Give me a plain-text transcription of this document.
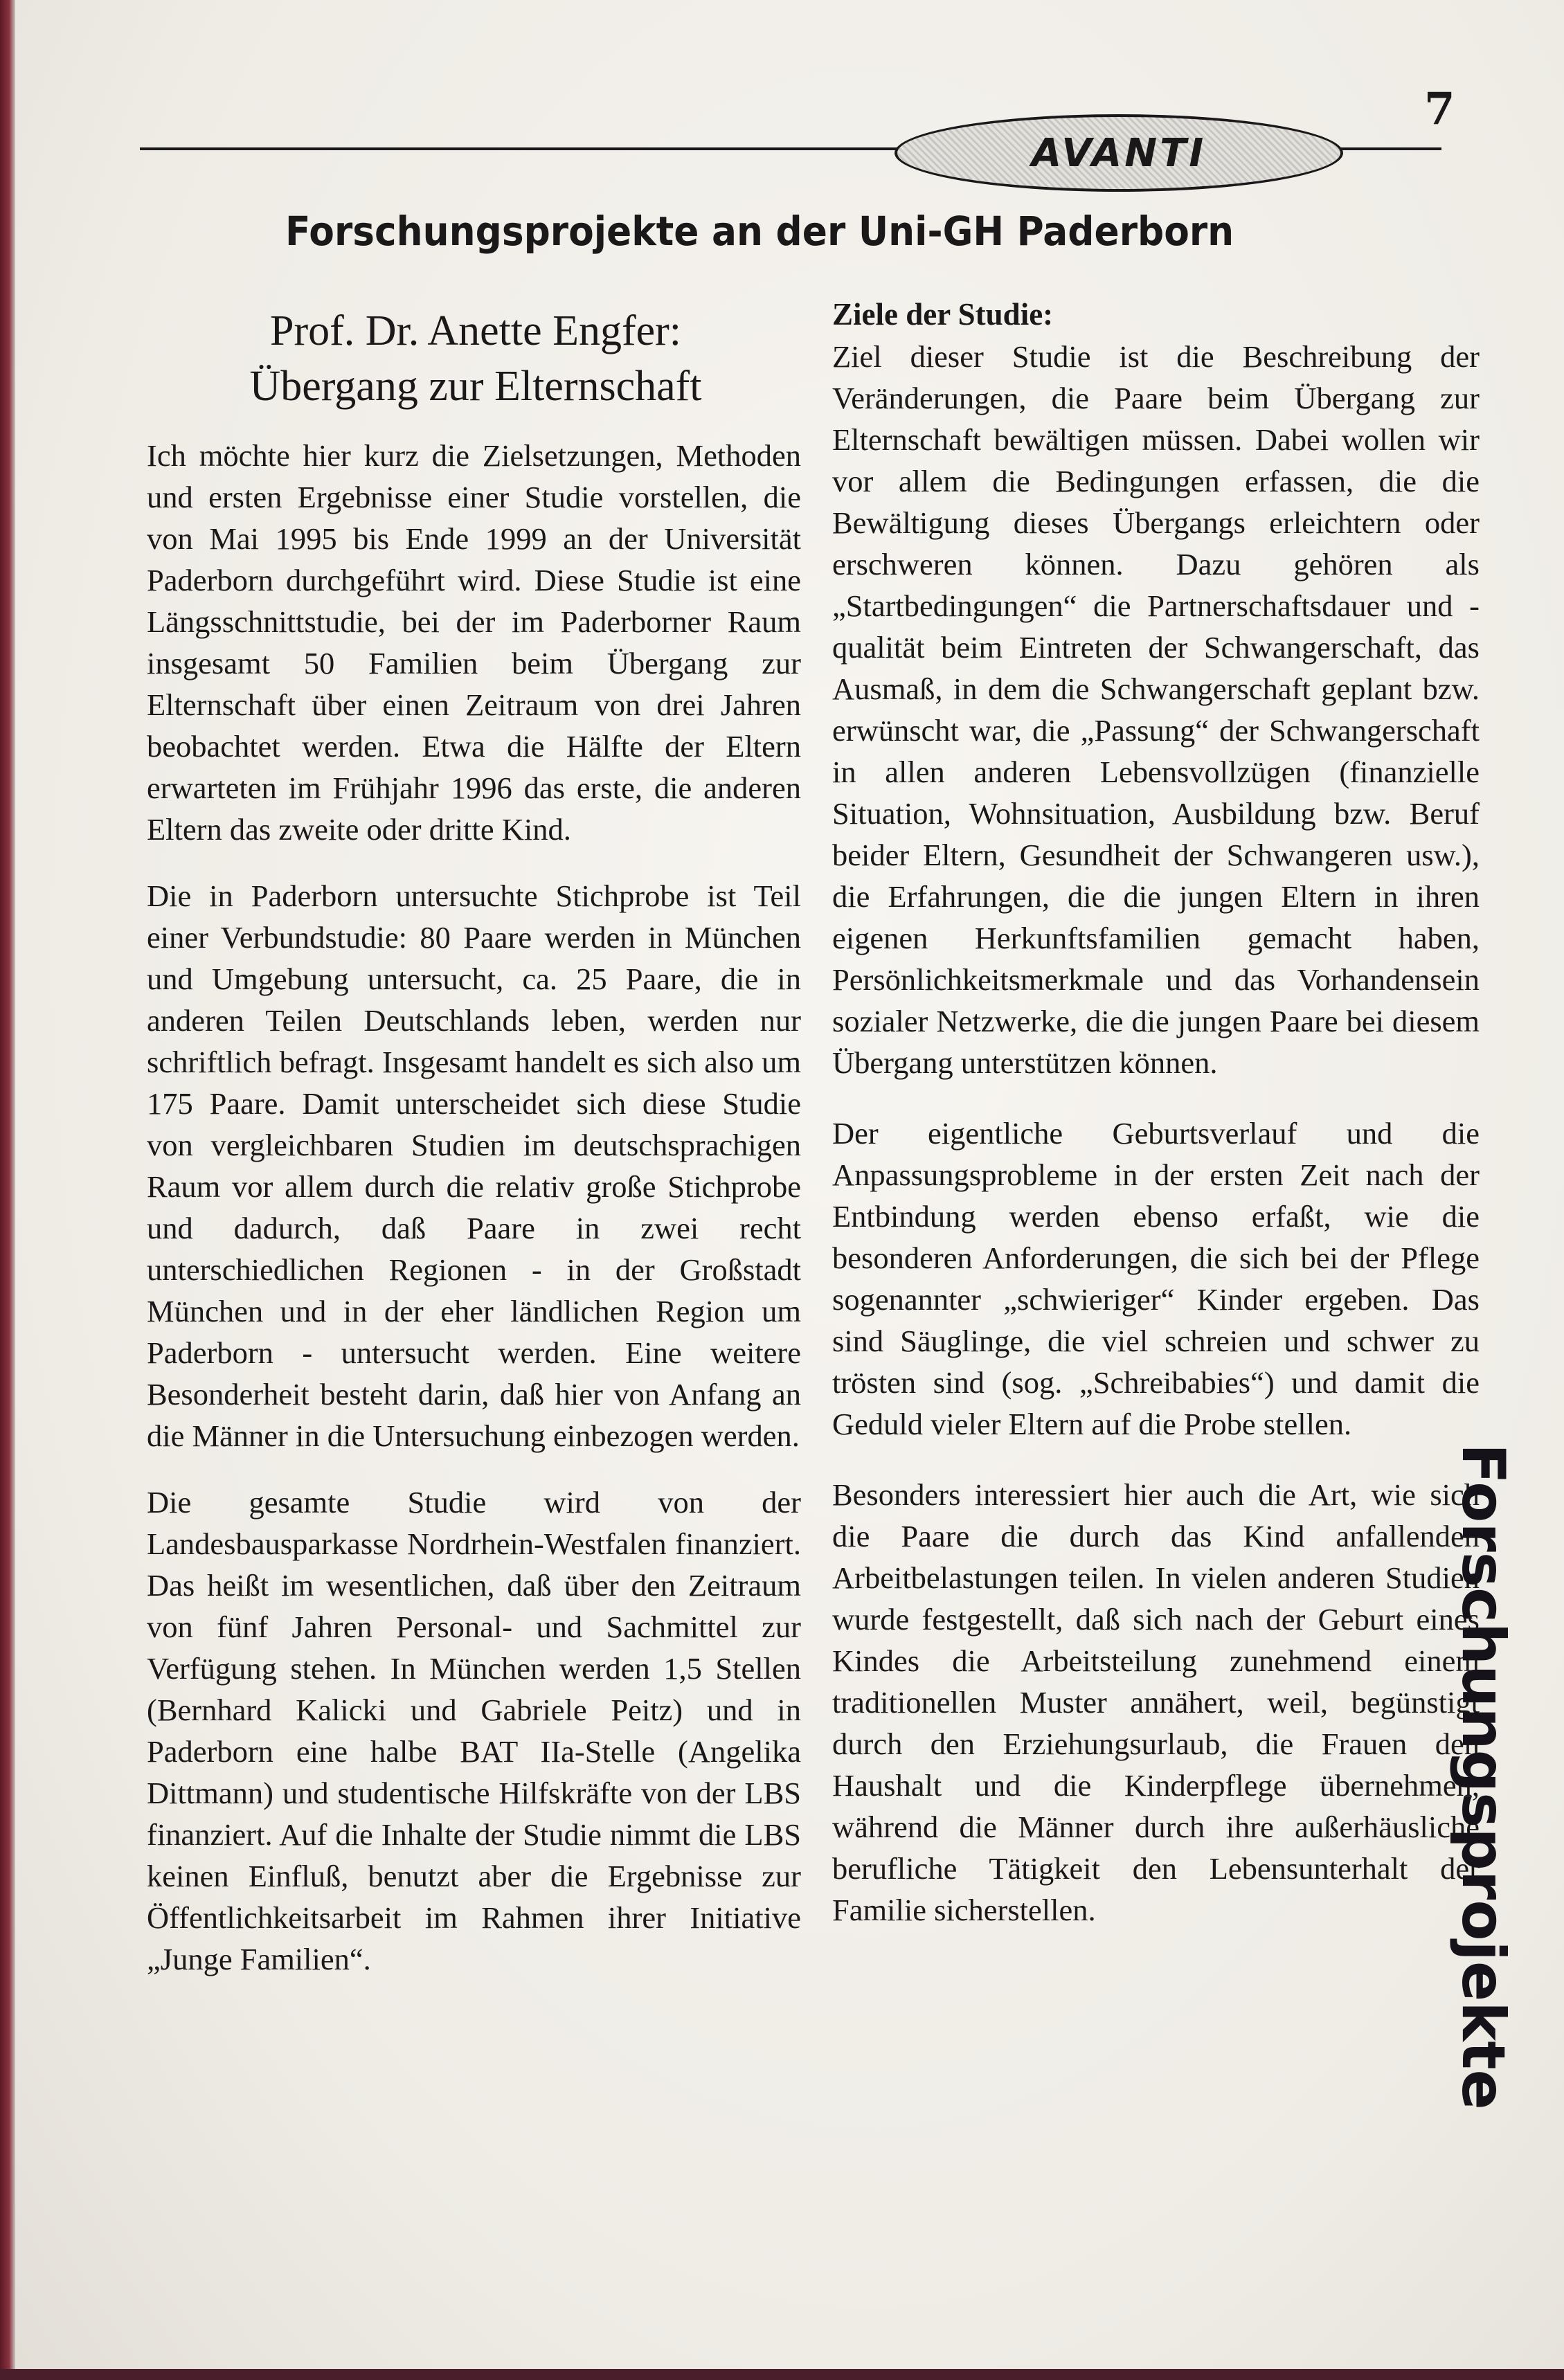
AVANTI
7
Forschungsprojekte an der Uni-GH Paderborn
Prof. Dr. Anette Engfer:
Übergang zur Elternschaft

Ich möchte hier kurz die Zielsetzungen, Methoden und ersten Ergebnisse einer Studie vorstellen, die von Mai 1995 bis Ende 1999 an der Universität Paderborn durchgeführt wird. Diese Studie ist eine Längsschnittstudie, bei der im Paderborner Raum insgesamt 50 Familien beim Übergang zur Elternschaft über einen Zeitraum von drei Jahren beobachtet werden. Etwa die Hälfte der Eltern erwarteten im Frühjahr 1996 das erste, die anderen Eltern das zweite oder dritte Kind.

Die in Paderborn untersuchte Stichprobe ist Teil einer Verbundstudie: 80 Paare werden in München und Umgebung untersucht, ca. 25 Paare, die in anderen Teilen Deutschlands leben, werden nur schriftlich befragt. Insgesamt handelt es sich also um 175 Paare. Damit unterscheidet sich diese Studie von vergleichbaren Studien im deutschsprachigen Raum vor allem durch die relativ große Stichprobe und dadurch, daß Paare in zwei recht unterschiedlichen Regionen - in der Großstadt München und in der eher ländlichen Region um Paderborn - untersucht werden. Eine weitere Besonderheit besteht darin, daß hier von Anfang an die Männer in die Untersuchung einbezogen werden.

Die gesamte Studie wird von der Landesbausparkasse Nordrhein-Westfalen finanziert. Das heißt im wesentlichen, daß über den Zeitraum von fünf Jahren Personal- und Sachmittel zur Verfügung stehen. In München werden 1,5 Stellen (Bernhard Kalicki und Gabriele Peitz) und in Paderborn eine halbe BAT IIa-Stelle (Angelika Dittmann) und studentische Hilfskräfte von der LBS finanziert. Auf die Inhalte der Studie nimmt die LBS keinen Einfluß, benutzt aber die Ergebnisse zur Öffentlichkeitsarbeit im Rahmen ihrer Initiative „Junge Familien“.

Ziele der Studie:

Ziel dieser Studie ist die Beschreibung der Veränderungen, die Paare beim Übergang zur Elternschaft bewältigen müssen. Dabei wollen wir vor allem die Bedingungen erfassen, die die Bewältigung dieses Übergangs erleichtern oder erschweren können. Dazu gehören als „Startbedingungen“ die Partnerschaftsdauer und -qualität beim Eintreten der Schwangerschaft, das Ausmaß, in dem die Schwangerschaft geplant bzw. erwünscht war, die „Passung“ der Schwangerschaft in allen anderen Lebensvollzügen (finanzielle Situation, Wohnsituation, Ausbildung bzw. Beruf beider Eltern, Gesundheit der Schwangeren usw.), die Erfahrungen, die die jungen Eltern in ihren eigenen Herkunftsfamilien gemacht haben, Persönlichkeitsmerkmale und das Vorhandensein sozialer Netzwerke, die die jungen Paare bei diesem Übergang unterstützen können.

Der eigentliche Geburtsverlauf und die Anpassungsprobleme in der ersten Zeit nach der Entbindung werden ebenso erfaßt, wie die besonderen Anforderungen, die sich bei der Pflege sogenannter „schwieriger“ Kinder ergeben. Das sind Säuglinge, die viel schreien und schwer zu trösten sind (sog. „Schreibabies“) und damit die Geduld vieler Eltern auf die Probe stellen.

Besonders interessiert hier auch die Art, wie sich die Paare die durch das Kind anfallenden Arbeitbelastungen teilen. In vielen anderen Studien wurde festgestellt, daß sich nach der Geburt eines Kindes die Arbeitsteilung zunehmend einem traditionellen Muster annähert, weil, begünstigt durch den Erziehungsurlaub, die Frauen den Haushalt und die Kinderpflege übernehmen, während die Männer durch ihre außerhäusliche berufliche Tätigkeit den Lebensunterhalt der Familie sicherstellen.	Forschungsprojekte
